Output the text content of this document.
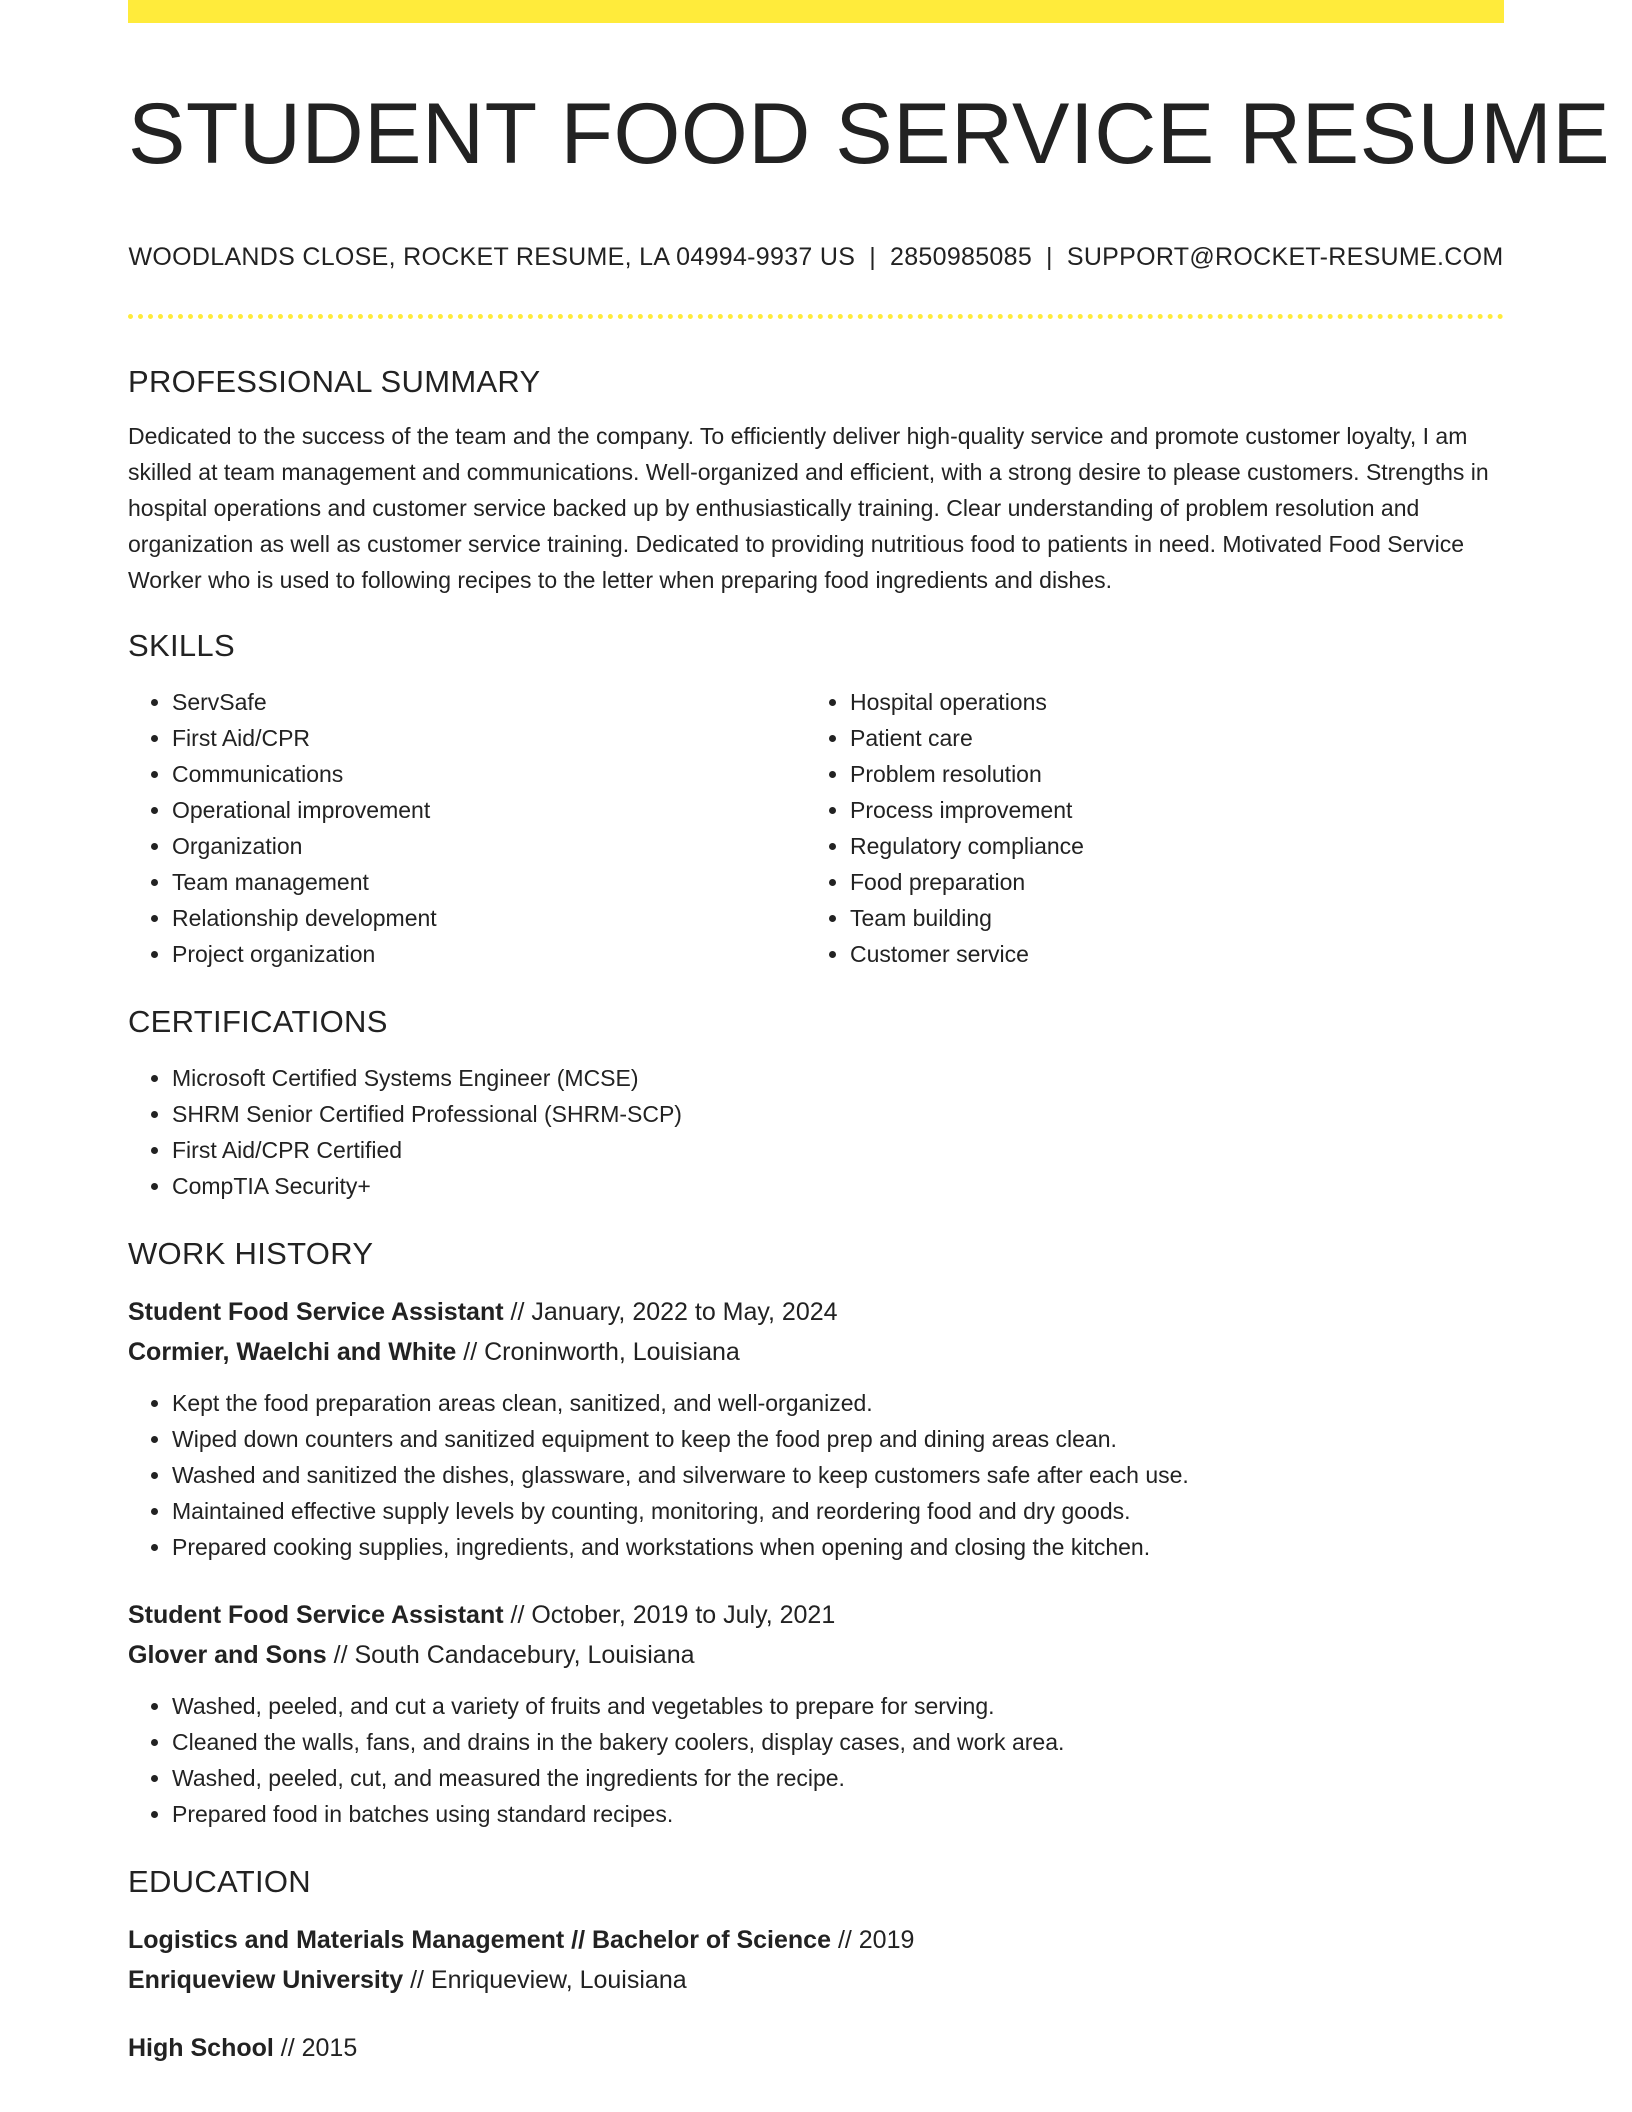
STUDENT FOOD SERVICE RESUME
WOODLANDS CLOSE, ROCKET RESUME, LA 04994-9937 US | 2850985085 | SUPPORT@ROCKET-RESUME.COM
PROFESSIONAL SUMMARY

Dedicated to the success of the team and the company. To efficiently deliver high-quality service and promote customer loyalty, I am skilled at team management and communications. Well-organized and efficient, with a strong desire to please customers. Strengths in hospital operations and customer service backed up by enthusiastically training. Clear understanding of problem resolution and organization as well as customer service training. Dedicated to providing nutritious food to patients in need. Motivated Food Service Worker who is used to following recipes to the letter when preparing food ingredients and dishes.

SKILLS
• ServSafe
• First Aid/CPR
• Communications
• Operational improvement
• Organization
• Team management
• Relationship development
• Project organization
• Hospital operations
• Patient care
• Problem resolution
• Process improvement
• Regulatory compliance
• Food preparation
• Team building
• Customer service
CERTIFICATIONS
• Microsoft Certified Systems Engineer (MCSE)
• SHRM Senior Certified Professional (SHRM-SCP)
• First Aid/CPR Certified
• CompTIA Security+
WORK HISTORY
Student Food Service Assistant // January, 2022 to May, 2024
Cormier, Waelchi and White // Croninworth, Louisiana
• Kept the food preparation areas clean, sanitized, and well-organized.
• Wiped down counters and sanitized equipment to keep the food prep and dining areas clean.
• Washed and sanitized the dishes, glassware, and silverware to keep customers safe after each use.
• Maintained effective supply levels by counting, monitoring, and reordering food and dry goods.
• Prepared cooking supplies, ingredients, and workstations when opening and closing the kitchen.
Student Food Service Assistant // October, 2019 to July, 2021
Glover and Sons // South Candacebury, Louisiana
• Washed, peeled, and cut a variety of fruits and vegetables to prepare for serving.
• Cleaned the walls, fans, and drains in the bakery coolers, display cases, and work area.
• Washed, peeled, cut, and measured the ingredients for the recipe.
• Prepared food in batches using standard recipes.
EDUCATION
Logistics and Materials Management // Bachelor of Science // 2019
Enriqueview University // Enriqueview, Louisiana
High School // 2015
